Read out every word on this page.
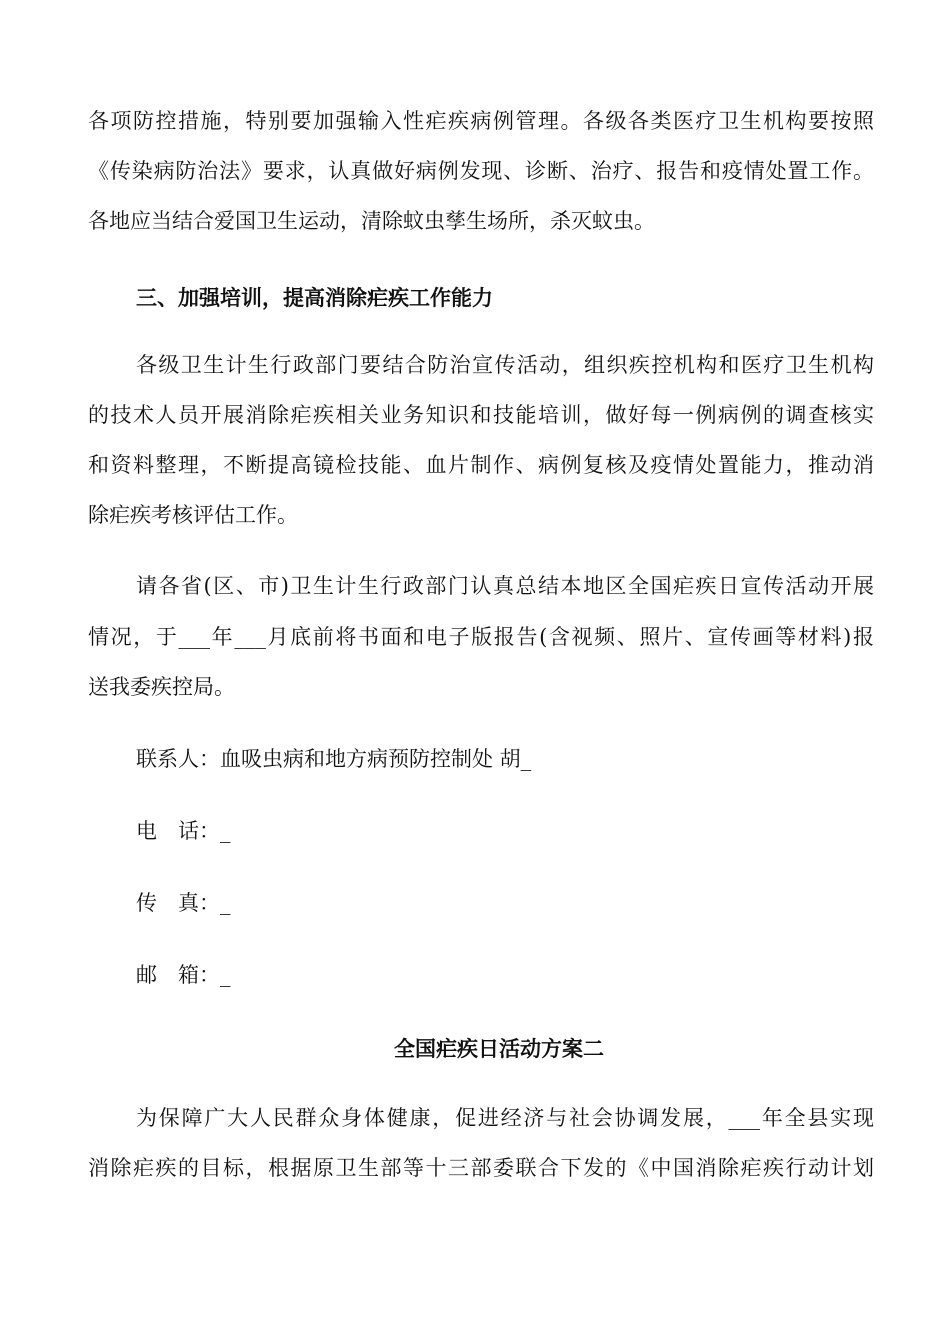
各项防控措施，特别要加强输入性疟疾病例管理。各级各类医疗卫生机构要按照
《传染病防治法》要求，认真做好病例发现、诊断、治疗、报告和疫情处置工作。
各地应当结合爱国卫生运动，清除蚊虫孳生场所，杀灭蚊虫。
三、加强培训，提高消除疟疾工作能力
各级卫生计生行政部门要结合防治宣传活动，组织疾控机构和医疗卫生机构
的技术人员开展消除疟疾相关业务知识和技能培训，做好每一例病例的调查核实
和资料整理，不断提高镜检技能、血片制作、病例复核及疫情处置能力，推动消
除疟疾考核评估工作。
请各省(区、市)卫生计生行政部门认真总结本地区全国疟疾日宣传活动开展
情况，于___年___月底前将书面和电子版报告(含视频、照片、宣传画等材料)报
送我委疾控局。
联系人：血吸虫病和地方病预防控制处 胡_
电　话：_
传　真：_
邮　箱：_
全国疟疾日活动方案二
为保障广大人民群众身体健康，促进经济与社会协调发展，___年全县实现
消除疟疾的目标，根据原卫生部等十三部委联合下发的《中国消除疟疾行动计划
